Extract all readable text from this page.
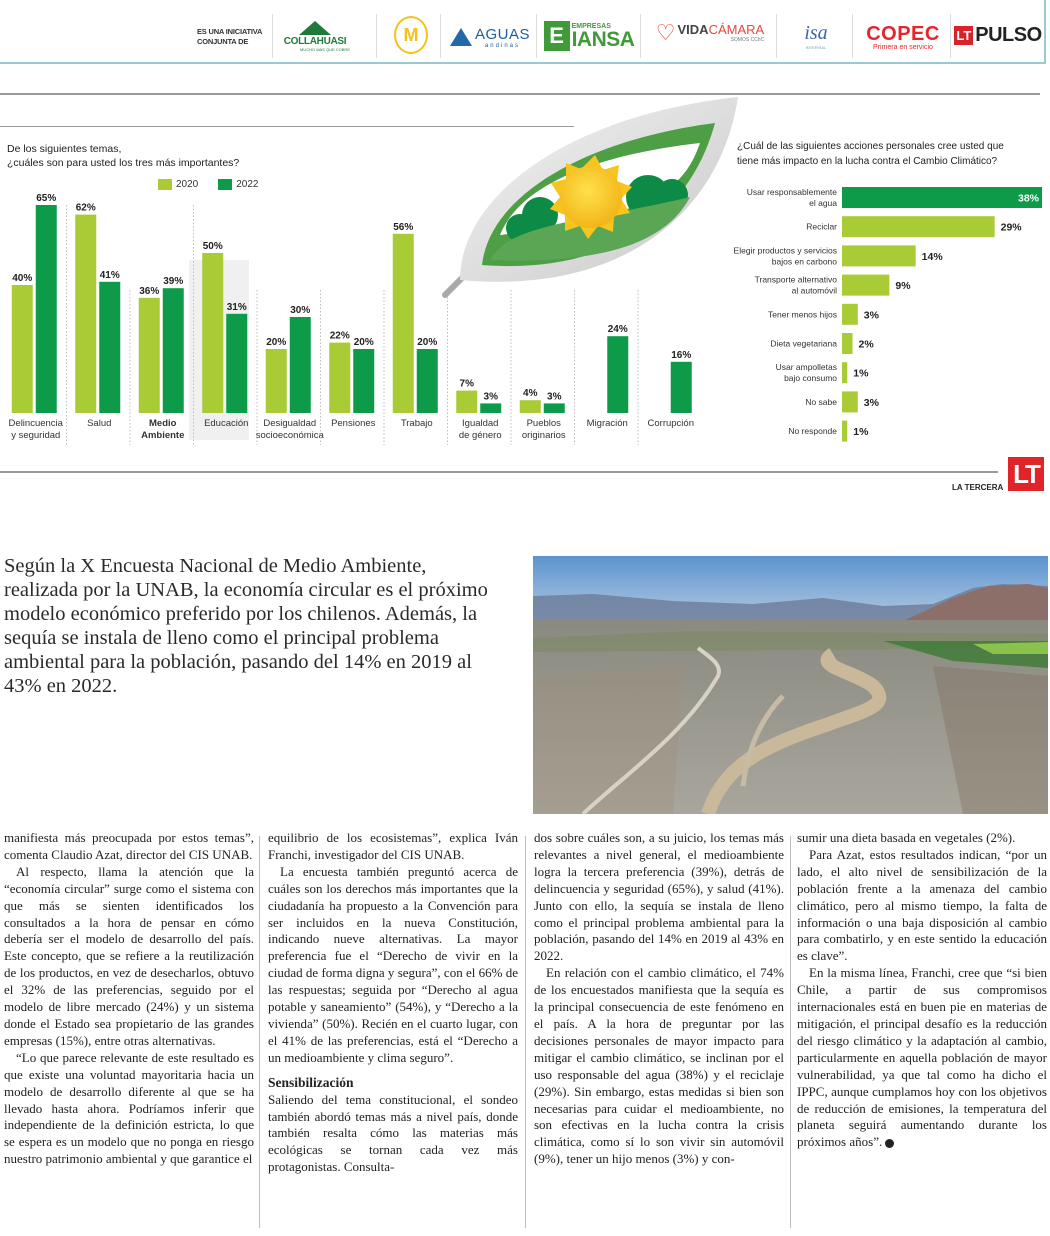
ES UNA INICIATIVA CONJUNTA DE	COLLAHUASI
MUCHO MÁS QUE COBRE
M	AGUAS
andinas E	EMPRESAS
IANSA ♡ VIDACÁMARA
SOMOS CChC isa
INTERVIAL
COPEC
Primera en servicio
LT PULSO
De los siguientes temas,
¿cuáles son para usted los tres más importantes?
2020	2022
40%
65%
Delincuencia
y seguridad
62%
41%
Salud
36%
39%
Medio
Ambiente
50%
31%
Educación
20%
30%
Desigualdad
socioeconómica
22%
20%
Pensiones
56%
20%
Trabajo
7%
3%
Igualdad
de género
4% 3%
Pueblos
originarios
24%
Migración
16%
Corrupción
¿Cuál de las siguientes acciones personales cree usted que
tiene más impacto en la lucha contra el Cambio Climático?
38%
Usar responsablemente
el agua
29%
Reciclar
14%
Elegir productos y servicios
bajos en carbono
9%
Transporte alternativo
al automóvil
3%
Tener menos hijos
2%
Dieta vegetariana
1%
Usar ampolletas
bajo consumo
3%
No sabe
1%
No responde
LA TERCERA LT
Según la X Encuesta Nacional de Medio Ambiente, realizada por la UNAB, la economía circular es el próximo modelo económico preferido por los chilenos. Además, la sequía se instala de lleno como el principal problema ambiental para la población, pasando del 14% en 2019 al 43% en 2022.

manifiesta más preocupada por estos temas”, comenta Claudio Azat, director del CIS UNAB.

Al respecto, llama la atención que la “economía circular” surge como el sistema con que más se sienten identificados los consultados a la hora de pensar en cómo debería ser el modelo de desarrollo del país. Este concepto, que se refiere a la reutilización de los productos, en vez de desecharlos, obtuvo el 32% de las preferencias, seguido por el modelo de libre mercado (24%) y un sistema donde el Estado sea propietario de las grandes empresas (15%), entre otras alternativas.

“Lo que parece relevante de este resultado es que existe una voluntad mayoritaria hacia un modelo de desarrollo diferente al que se ha llevado hasta ahora. Podríamos inferir que independiente de la definición estricta, lo que se espera es un modelo que no ponga en riesgo nuestro patrimonio ambiental y que garantice el

equilibrio de los ecosistemas”, explica Iván Franchi, investigador del CIS UNAB.

La encuesta también preguntó acerca de cuáles son los derechos más importantes que la ciudadanía ha propuesto a la Convención para ser incluidos en la nueva Constitución, indicando nueve alternativas. La mayor preferencia fue el “Derecho de vivir en la ciudad de forma digna y segura”, con el 66% de las respuestas; seguida por “Derecho al agua potable y saneamiento” (54%), y “Derecho a la vivienda” (50%). Recién en el cuarto lugar, con el 41% de las preferencias, está el “Derecho a un medioambiente y clima seguro”.

Sensibilización

Saliendo del tema constitucional, el sondeo también abordó temas más a nivel país, donde también resalta cómo las materias más ecológicas se tornan cada vez más protagonistas. Consulta-

dos sobre cuáles son, a su juicio, los temas más relevantes a nivel general, el medioambiente logra la tercera preferencia (39%), detrás de delincuencia y seguridad (65%), y salud (41%). Junto con ello, la sequía se instala de lleno como el principal problema ambiental para la población, pasando del 14% en 2019 al 43% en 2022.

En relación con el cambio climático, el 74% de los encuestados manifiesta que la sequía es la principal consecuencia de este fenómeno en el país. A la hora de preguntar por las decisiones personales de mayor impacto para mitigar el cambio climático, se inclinan por el uso responsable del agua (38%) y el reciclaje (29%). Sin embargo, estas medidas si bien son necesarias para cuidar el medioambiente, no son efectivas en la lucha contra la crisis climática, como sí lo son vivir sin automóvil (9%), tener un hijo menos (3%) y con-

sumir una dieta basada en vegetales (2%).

Para Azat, estos resultados indican, “por un lado, el alto nivel de sensibilización de la población frente a la amenaza del cambio climático, pero al mismo tiempo, la falta de información o una baja disposición al cambio para combatirlo, y en este sentido la educación es clave”.

En la misma línea, Franchi, cree que “si bien Chile, a partir de sus compromisos internacionales está en buen pie en materias de mitigación, el principal desafío es la reducción del riesgo climático y la adaptación al cambio, particularmente en aquella población de mayor vulnerabilidad, ya que tal como ha dicho el IPPC, aunque cumplamos hoy con los objetivos de reducción de emisiones, la temperatura del planeta seguirá aumentando durante los próximos años”.	P
